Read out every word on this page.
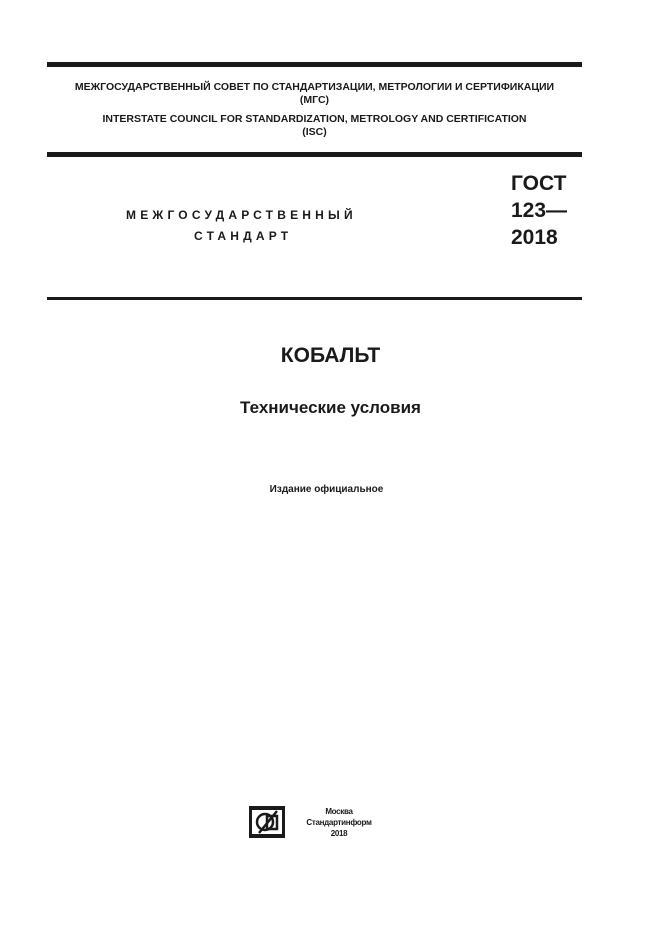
МЕЖГОСУДАРСТВЕННЫЙ СОВЕТ ПО СТАНДАРТИЗАЦИИ, МЕТРОЛОГИИ И СЕРТИФИКАЦИИ

(МГС)

INTERSTATE COUNCIL FOR STANDARDIZATION, METROLOGY AND CERTIFICATION

(ISC)

МЕЖГОСУДАРСТВЕННЫЙ

СТАНДАРТ

ГОСТ
123—
2018

КОБАЛЬТ

Технические условия

Издание официальное

Москва
Стандартинформ
2018
